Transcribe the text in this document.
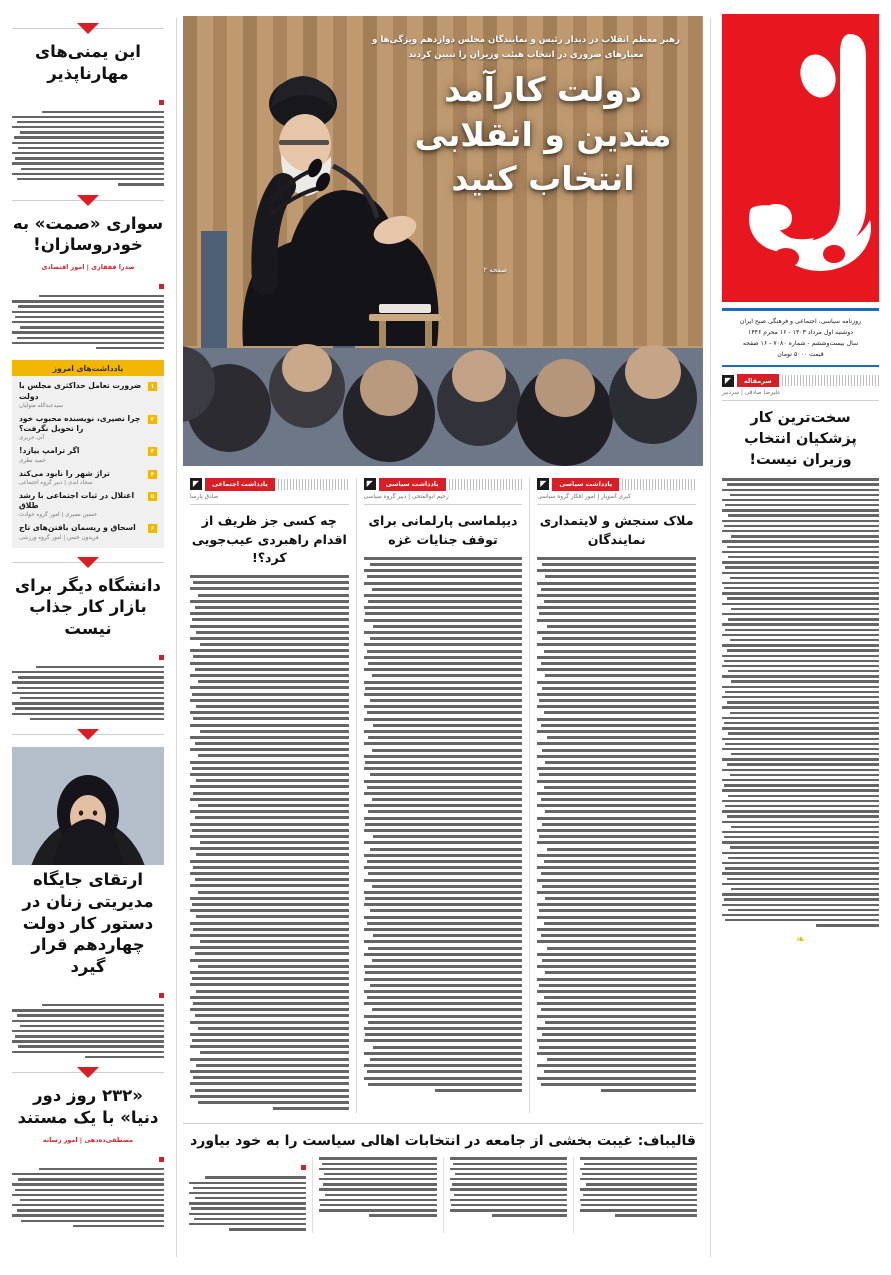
این یمنی‌های مهارناپذیر
سواری «صمت» به خودروسازان!
صدرا قفقازی | امور اقتصادی
یادداشت‌های امروز
۱
ضرورت تعامل حداکثری مجلس با دولت
سیدعبدالله متولیان
۲
چرا نصیری، نویسنده محبوب خود را تحویل نگرفت؟
آنی حریری
۳
اگر ترامپ بیازد!
حمید نظری
۴
تراژ شهر را نابود می‌کند
سجاد ابدی | دبیر گروه اجتماعی
۵
اعتلال در ثبات اجتماعی با رشد طلاق
حسین نصیری | امور گروه حوادث
۶
اسحاق و ریسمان بافتن‌های تاج
فریدون حسن | امور گروه ورزشی
دانشگاه دیگر برای بازار کار جذاب نیست
ارتقای جایگاه مدیریتی زنان در دستور کار دولت چهاردهم قرار گیرد
«۲۳۲ روز دور دنیا» با یک مستند
مصطفی‌ده‌دهی | امور رسانه
رهبر معظم انقلاب در دیدار رئیس و نمایندگان مجلس دوازدهم ویژگی‌ها و معیارهای ضروری در انتخاب هیئت وزیران را تبیین کردند
دولت کارآمد متدین و انقلابی انتخاب کنید
صفحه ۲
یادداشت سیاسی
◤
کبری آسوپار | امور افکار گروه سیاسی
ملاک سنجش و لایتمداری نمایندگان
یادداشت سیاسی
◤
رحیم ابوالفتحی | دبیر گروه سیاسی
دیپلماسی پارلمانی برای توقف جنایات غزه
یادداشت اجتماعی
◤
صادق پارسا
چه کسی جز ظریف از اقدام راهبردی عیب‌جویی کرد؟!
قالیباف: غیبت بخشی از جامعه در انتخابات اهالی سیاست را به خود بیاورد
روزنامه سیاسی، اجتماعی و فرهنگی صبح ایران
دوشنبه اول مرداد ۱۴۰۳ - ۱۶ محرم ۱۴۴۶
سال بیست‌وششم - شماره ۷۰۸۰ - ۱۶ صفحه
قیمت ۵۰۰۰ تومان
سرمقاله
◤
علیرضا صادقی | سردبیر
سخت‌ترین کار پزشکیان انتخاب وزیران نیست!
❧
